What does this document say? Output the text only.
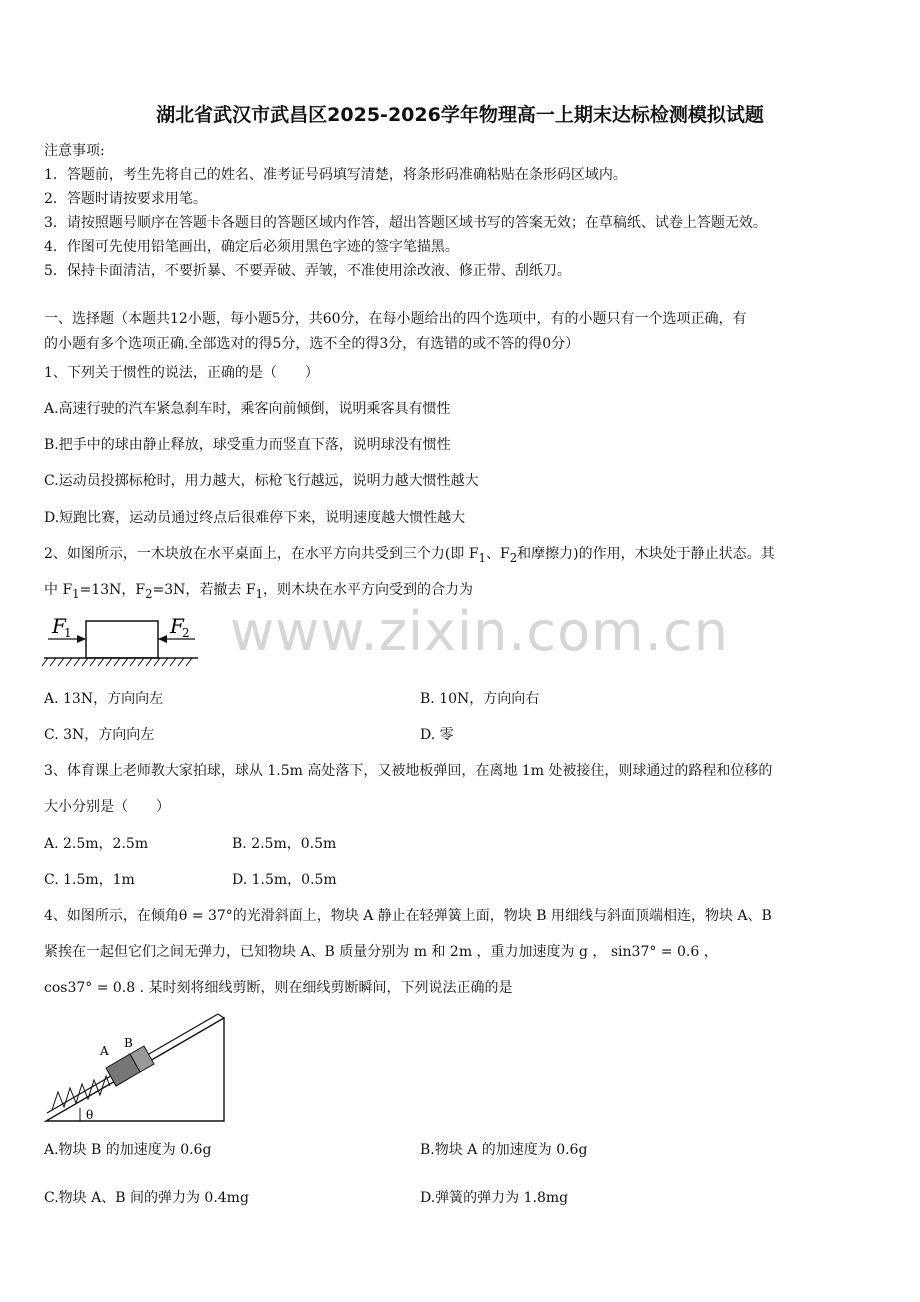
湖北省武汉市武昌区2025-2026学年物理高一上期末达标检测模拟试题
注意事项:
1．答题前，考生先将自己的姓名、准考证号码填写清楚，将条形码准确粘贴在条形码区域内。
2．答题时请按要求用笔。
3．请按照题号顺序在答题卡各题目的答题区域内作答，超出答题区域书写的答案无效；在草稿纸、试卷上答题无效。
4．作图可先使用铅笔画出，确定后必须用黑色字迹的签字笔描黑。
5．保持卡面清洁，不要折暴、不要弄破、弄皱，不准使用涂改液、修正带、刮纸刀。
一、选择题（本题共12小题，每小题5分，共60分，在每小题给出的四个选项中，有的小题只有一个选项正确，有
的小题有多个选项正确.全部选对的得5分，选不全的得3分，有选错的或不答的得0分）
1、下列关于惯性的说法，正确的是（　　）
A.高速行驶的汽车紧急刹车时，乘客向前倾倒，说明乘客具有惯性
B.把手中的球由静止释放，球受重力而竖直下落，说明球没有惯性
C.运动员投掷标枪时，用力越大，标枪飞行越远，说明力越大惯性越大
D.短跑比赛，运动员通过终点后很难停下来，说明速度越大惯性越大
2、如图所示，一木块放在水平桌面上，在水平方向共受到三个力(即 $F_1$、$F_2$和摩擦力)的作用，木块处于静止状态。其
中 $F_1=13N$，$F_2=3N$，若撤去 $F_1$，则木块在水平方向受到的合力为
F
1	F
2 www.zixin.com.cn
A. 13N，方向向左	B. 10N，方向向右
C. 3N，方向向左	D. 零
3、体育课上老师教大家拍球，球从 1.5m 高处落下，又被地板弹回，在离地 1m 处被接住，则球通过的路程和位移的
大小分别是（　　）
A. 2.5m，2.5m	B. 2.5m，0.5m
C. 1.5m，1m	D. 1.5m，0.5m
4、如图所示，在倾角θ = 37°的光滑斜面上，物块 A 静止在轻弹簧上面，物块 B 用细线与斜面顶端相连，物块 A、B
紧挨在一起但它们之间无弹力，已知物块 A、B 质量分别为 m 和 2m ，重力加速度为 g ， sin37° = 0.6 ，
cos37° = 0.8 . 某时刻将细线剪断，则在细线剪断瞬间，下列说法正确的是
A
B
θ
A.物块 B 的加速度为 0.6g	B.物块 A 的加速度为 0.6g
C.物块 A、B 间的弹力为 0.4mg	D.弹簧的弹力为 1.8mg
